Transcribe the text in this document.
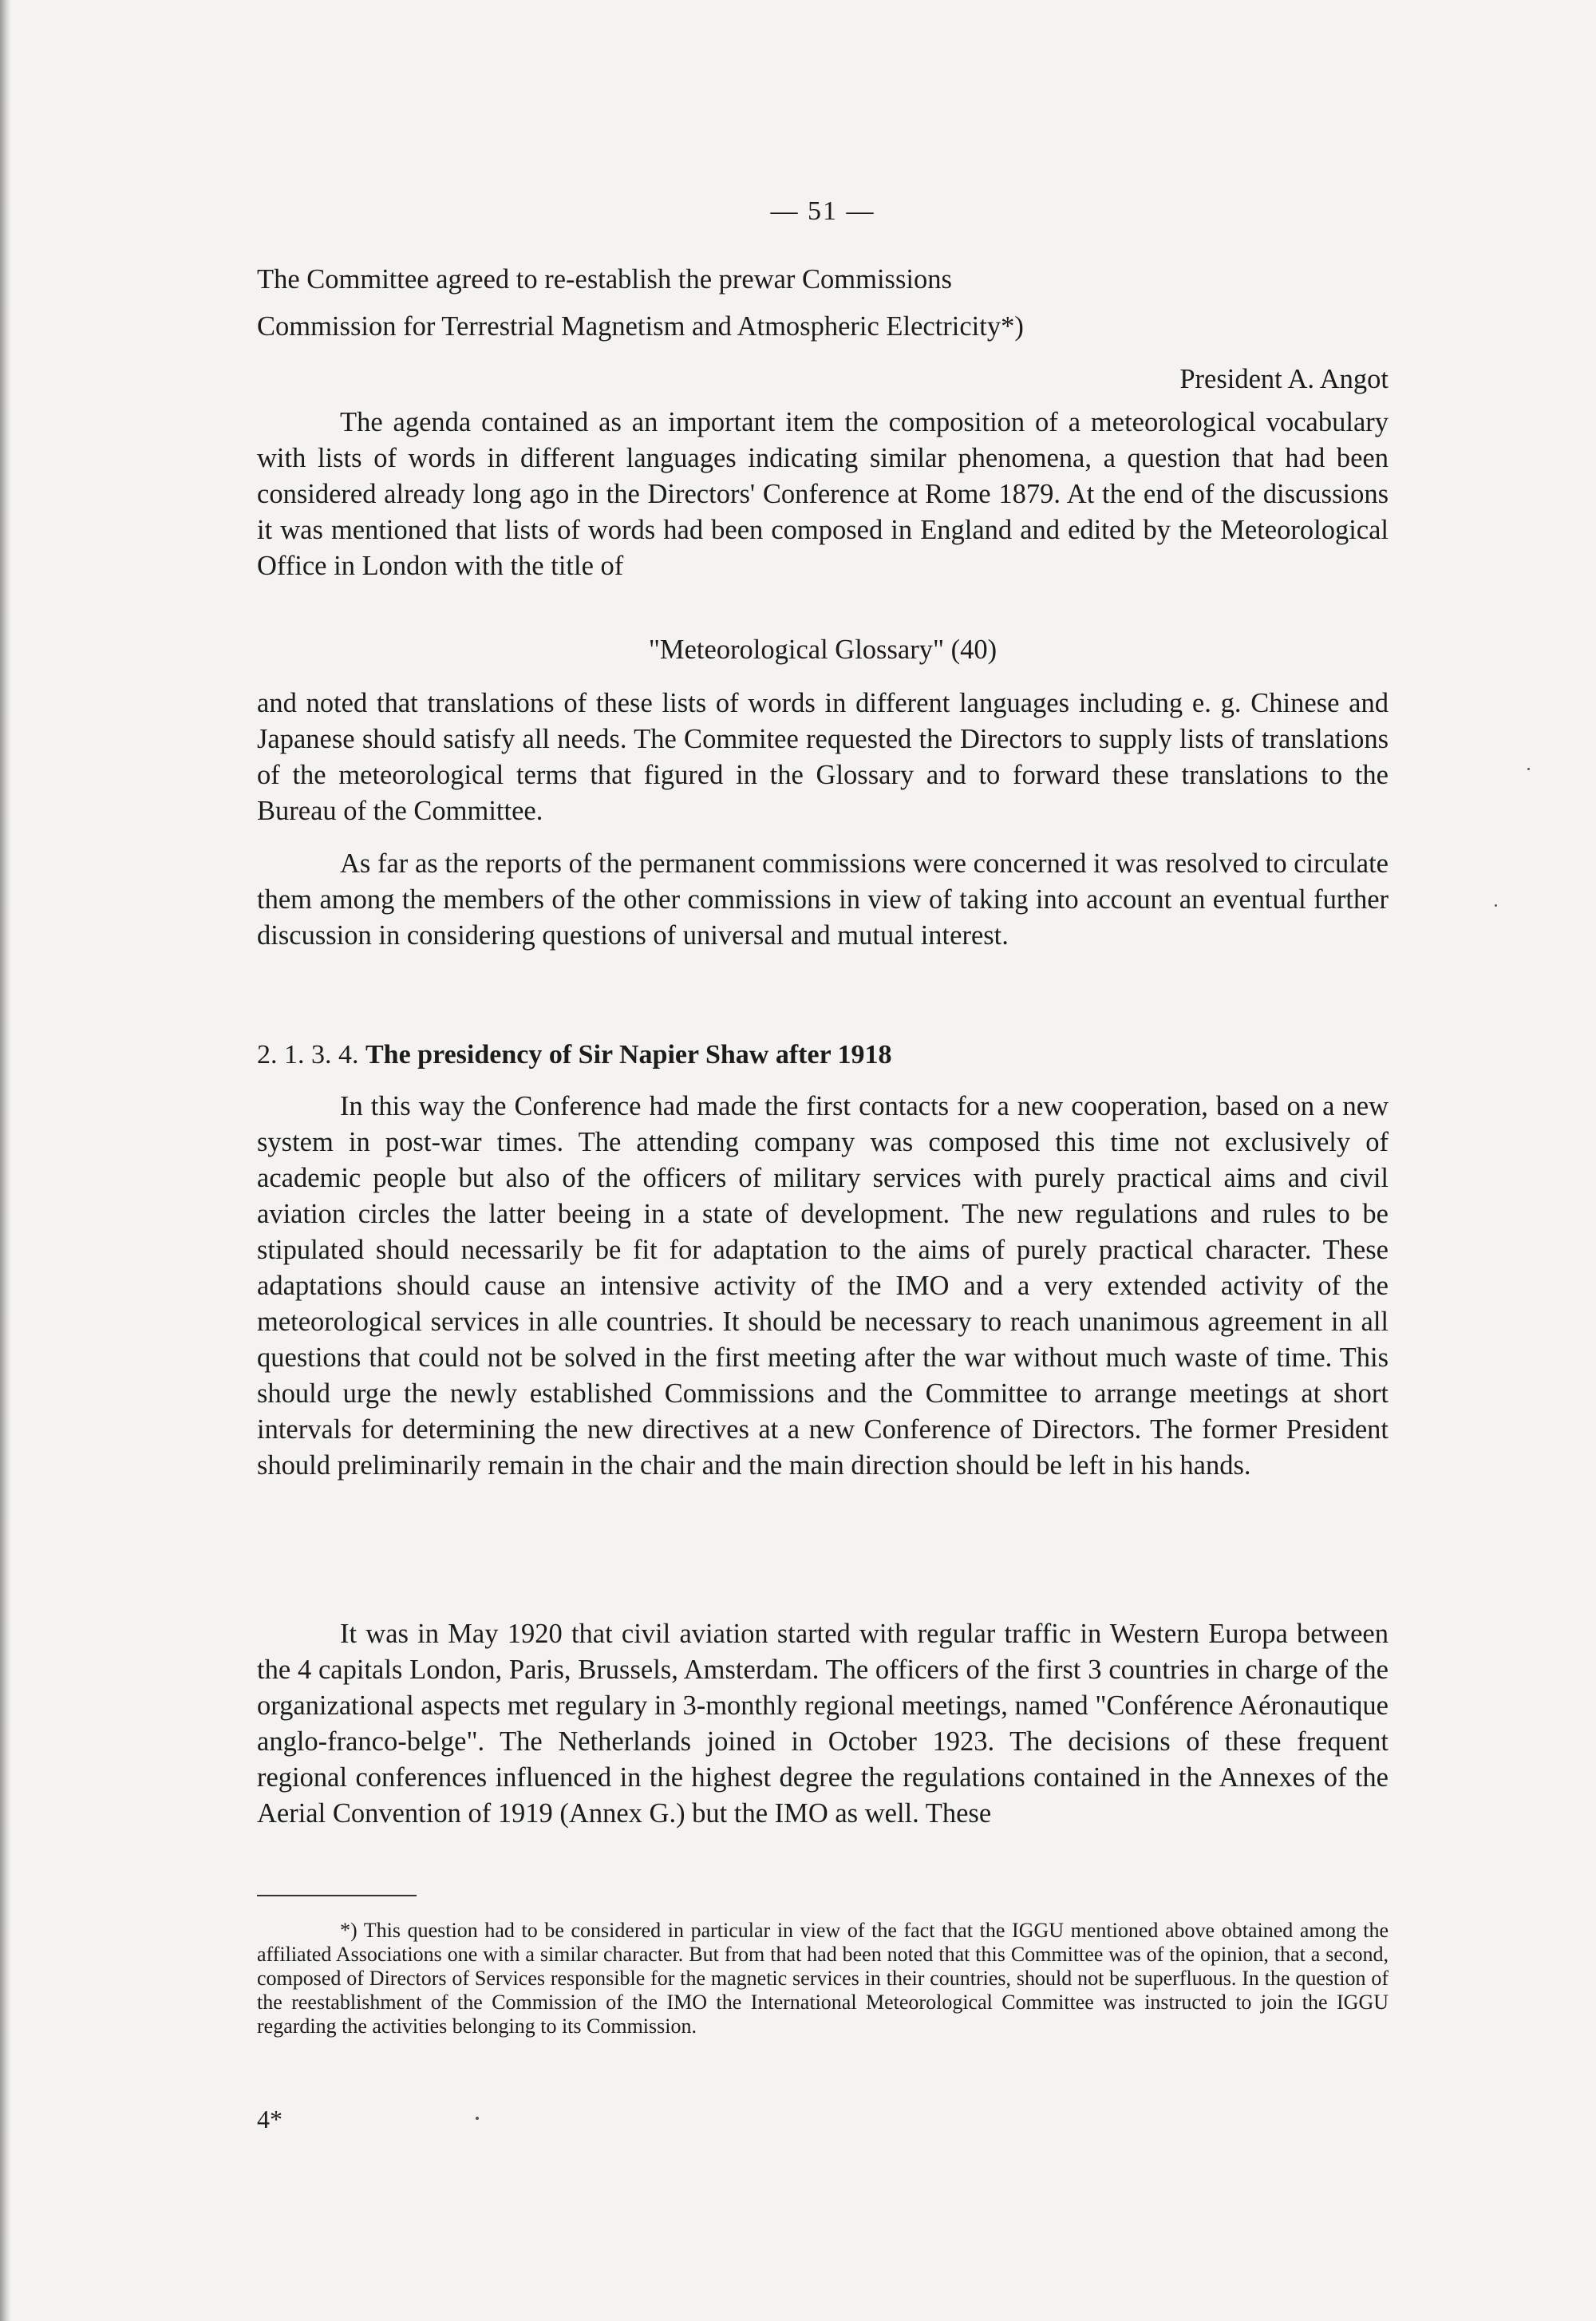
— 51 —

The Committee agreed to re-establish the prewar Commissions

Commission for Terrestrial Magnetism and Atmospheric Electricity*)

President A. Angot

The agenda contained as an important item the composition of a meteorological vocabulary with lists of words in different languages indicating similar phenomena, a question that had been considered already long ago in the Directors' Conference at Rome 1879. At the end of the discussions it was mentioned that lists of words had been composed in England and edited by the Meteorological Office in London with the title of

"Meteorological Glossary" (40)

and noted that translations of these lists of words in different languages including e. g. Chinese and Japanese should satisfy all needs. The Commitee requested the Directors to supply lists of translations of the meteorological terms that figured in the Glossary and to forward these translations to the Bureau of the Committee.

As far as the reports of the permanent commissions were concerned it was resolved to circulate them among the members of the other commissions in view of taking into account an eventual further discussion in considering questions of universal and mutual interest.

2. 1. 3. 4. The presidency of Sir Napier Shaw after 1918

In this way the Conference had made the first contacts for a new cooperation, based on a new system in post-war times. The attending company was composed this time not exclusively of academic people but also of the officers of military services with purely practical aims and civil aviation circles the latter beeing in a state of development. The new regulations and rules to be stipulated should necessarily be fit for adaptation to the aims of purely practical character. These adaptations should cause an intensive activity of the IMO and a very extended activity of the meteorological services in alle countries. It should be necessary to reach unanimous agreement in all questions that could not be solved in the first meeting after the war without much waste of time. This should urge the newly established Commissions and the Committee to arrange meetings at short intervals for determining the new directives at a new Conference of Directors. The former President should preliminarily remain in the chair and the main direction should be left in his hands.

It was in May 1920 that civil aviation started with regular traffic in Western Europa between the 4 capitals London, Paris, Brussels, Amsterdam. The officers of the first 3 countries in charge of the organizational aspects met regulary in 3-monthly regional meetings, named "Conférence Aéronautique anglo-franco-belge". The Netherlands joined in October 1923. The decisions of these frequent regional conferences influenced in the highest degree the regulations contained in the Annexes of the Aerial Convention of 1919 (Annex G.) but the IMO as well. These

*) This question had to be considered in particular in view of the fact that the IGGU mentioned above obtained among the affiliated Associations one with a similar character. But from that had been noted that this Committee was of the opinion, that a second, composed of Directors of Services responsible for the magnetic services in their countries, should not be superfluous. In the question of the reestablishment of the Commission of the IMO the International Meteorological Committee was instructed to join the IGGU regarding the activities belonging to its Commission.

4*
